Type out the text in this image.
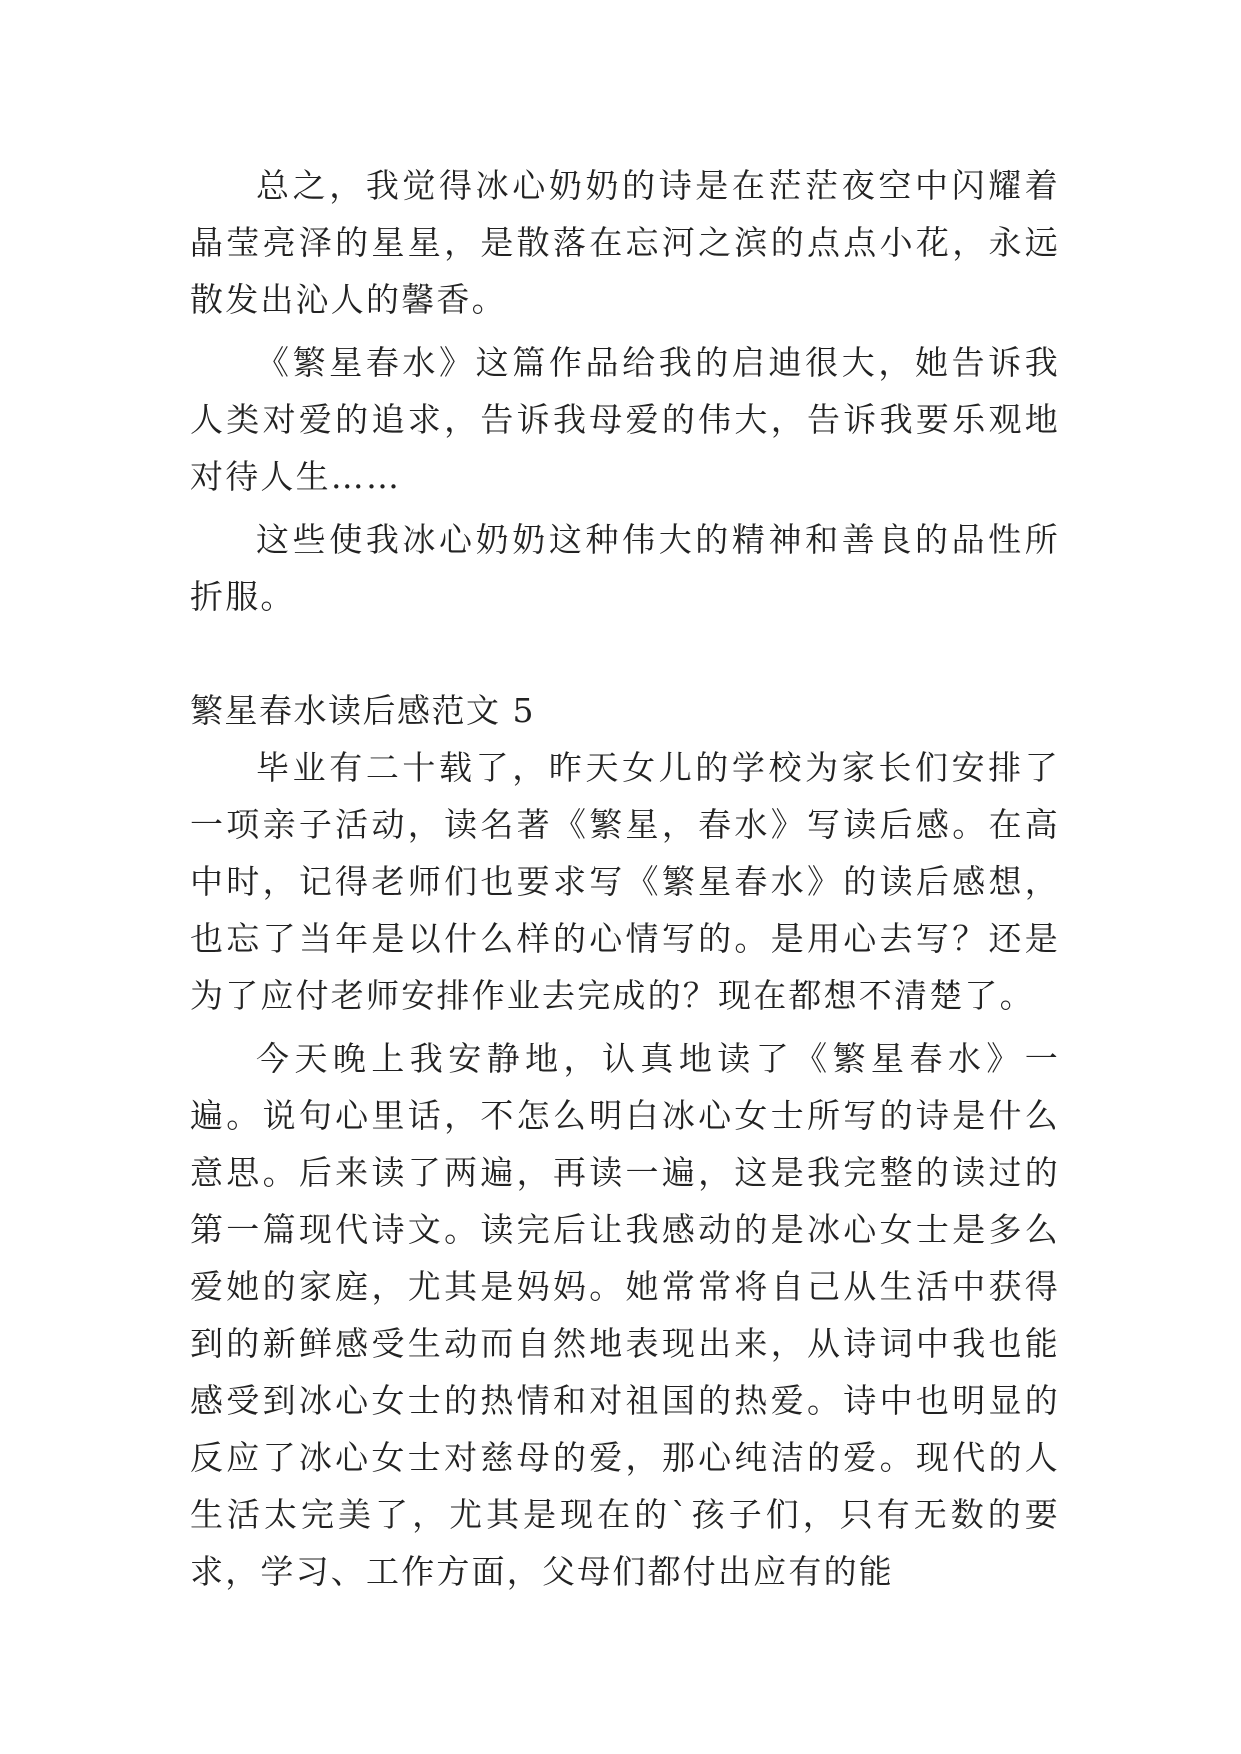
总之，我觉得冰心奶奶的诗是在茫茫夜空中闪耀着晶莹亮泽的星星，是散落在忘河之滨的点点小花，永远散发出沁人的馨香。

《繁星春水》这篇作品给我的启迪很大，她告诉我人类对爱的追求，告诉我母爱的伟大，告诉我要乐观地对待人生……

这些使我冰心奶奶这种伟大的精神和善良的品性所折服。

繁星春水读后感范文 5

毕业有二十载了，昨天女儿的学校为家长们安排了一项亲子活动，读名著《繁星，春水》写读后感。在高中时，记得老师们也要求写《繁星春水》的读后感想，也忘了当年是以什么样的心情写的。是用心去写？还是为了应付老师安排作业去完成的？现在都想不清楚了。

今天晚上我安静地，认真地读了《繁星春水》一遍。说句心里话，不怎么明白冰心女士所写的诗是什么意思。后来读了两遍，再读一遍，这是我完整的读过的第一篇现代诗文。读完后让我感动的是冰心女士是多么爱她的家庭，尤其是妈妈。她常常将自己从生活中获得到的新鲜感受生动而自然地表现出来，从诗词中我也能感受到冰心女士的热情和对祖国的热爱。诗中也明显的反应了冰心女士对慈母的爱，那心纯洁的爱。现代的人生活太完美了，尤其是现在的`孩子们，只有无数的要求，学习、工作方面，父母们都付出应有的能
